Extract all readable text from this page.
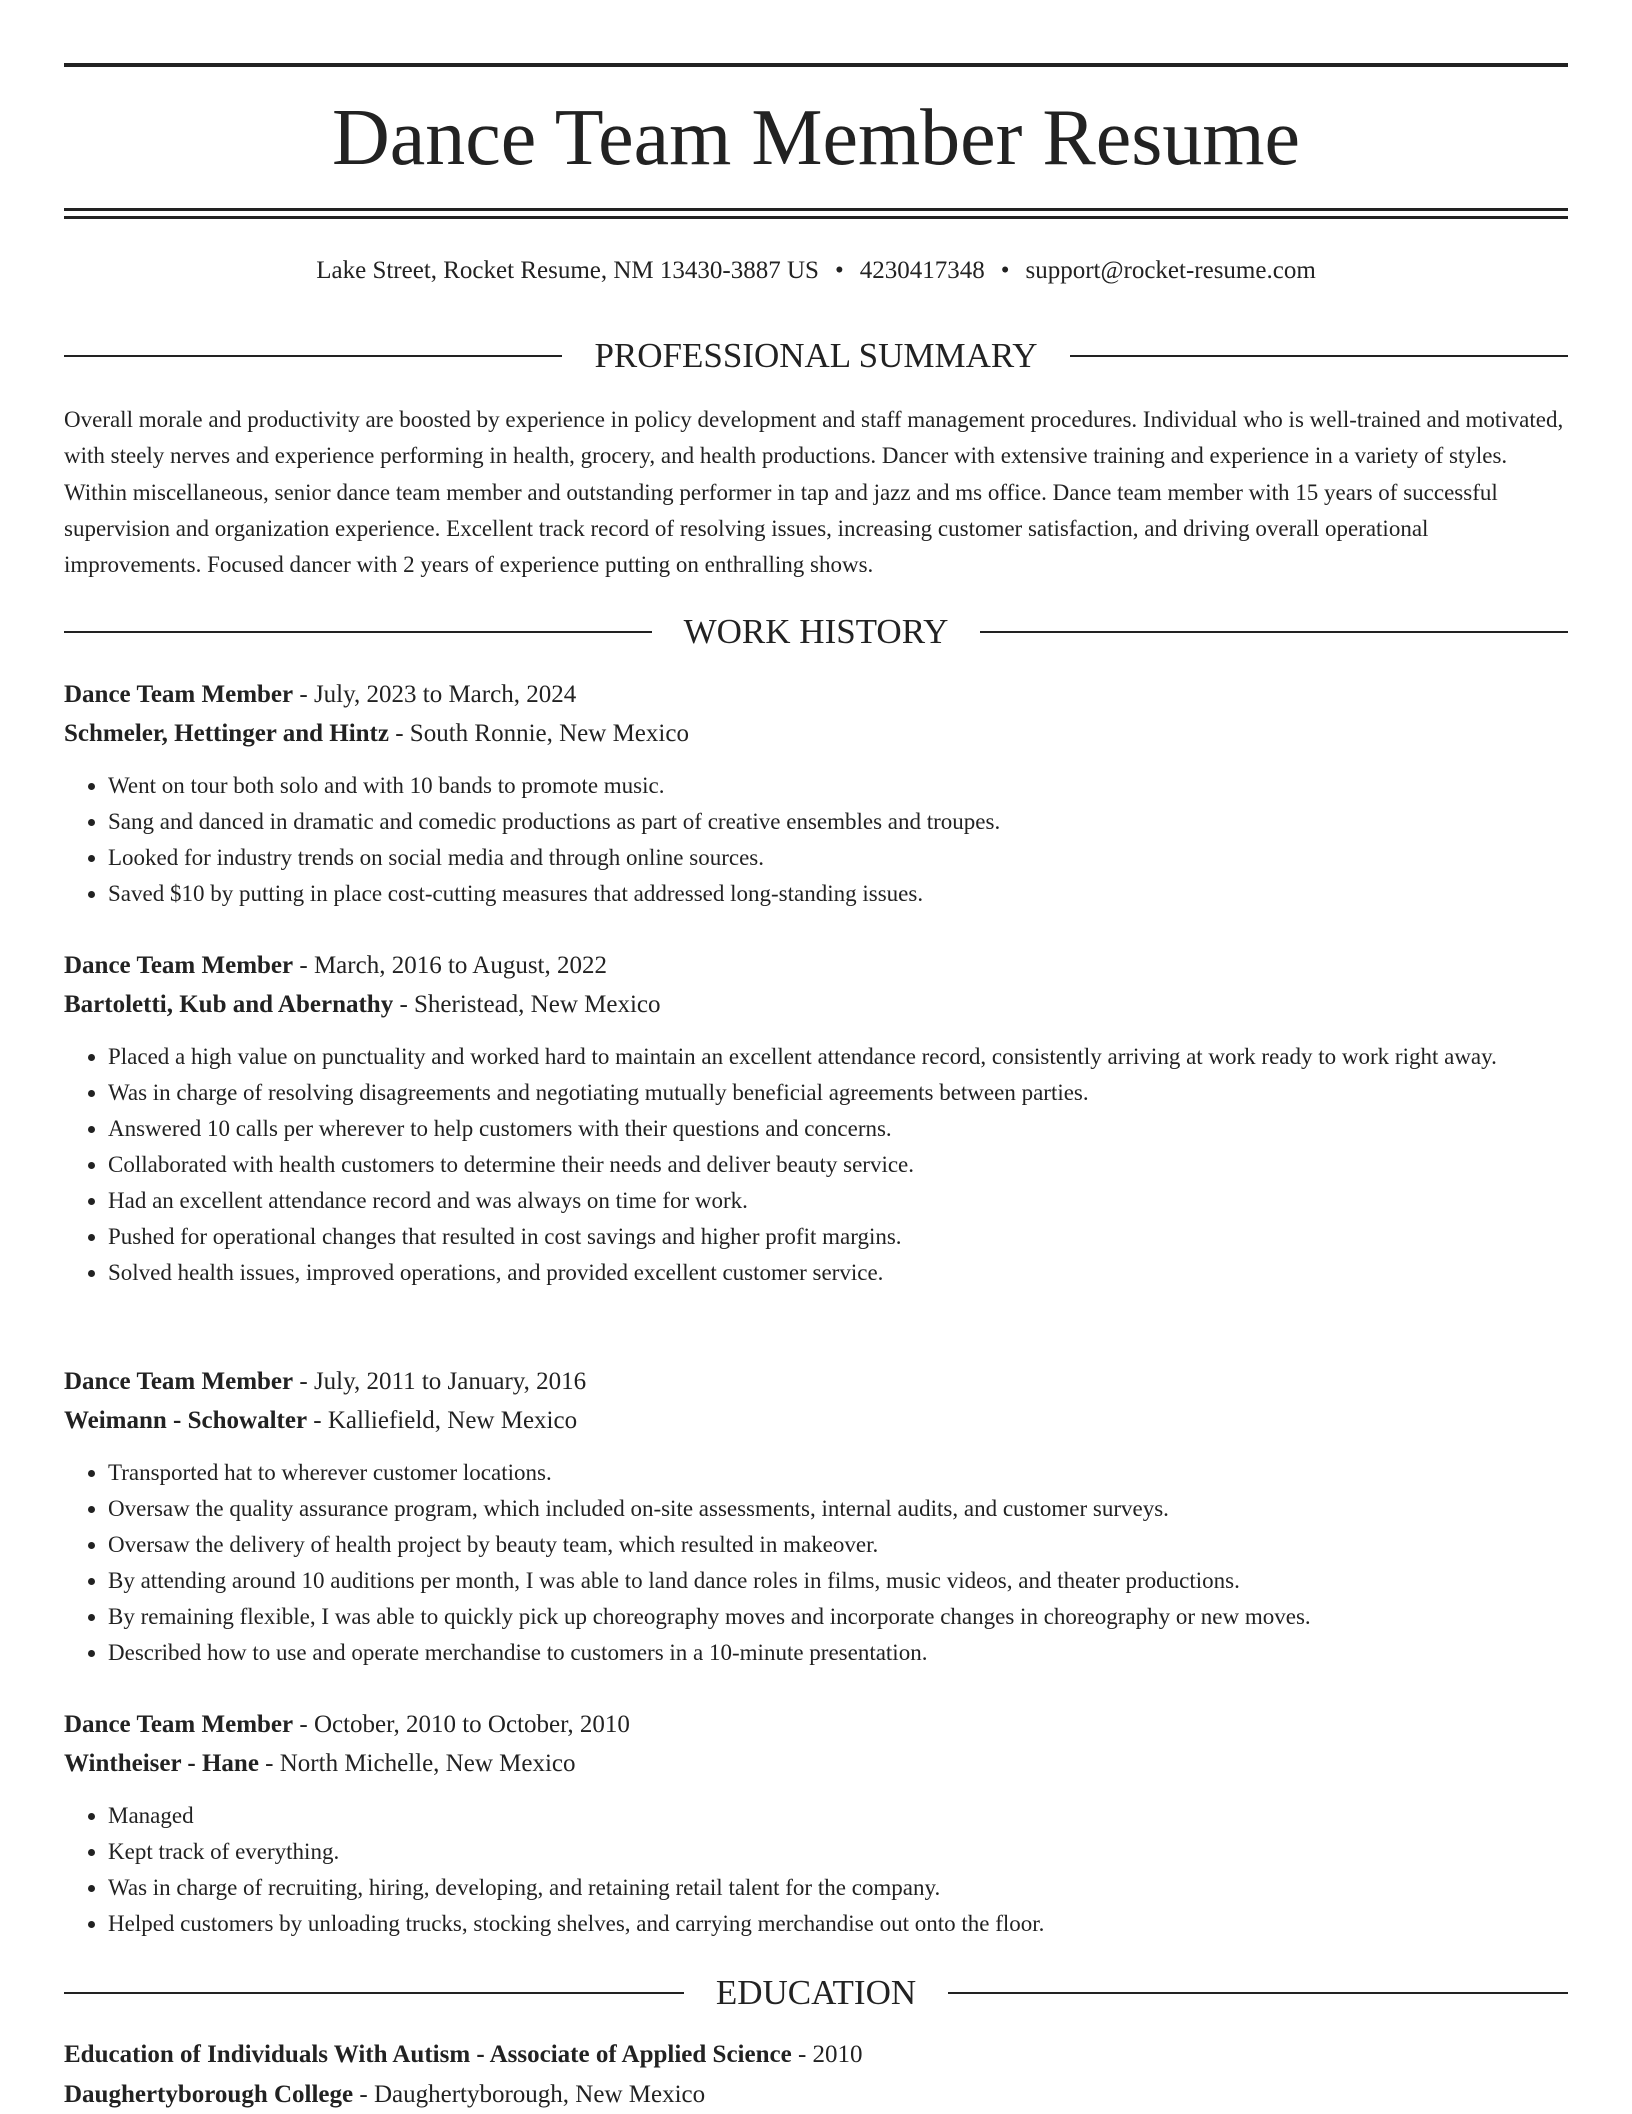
Dance Team Member Resume
Lake Street, Rocket Resume, NM 13430-3887 US • 4230417348 • support@rocket-resume.com
PROFESSIONAL SUMMARY

Overall morale and productivity are boosted by experience in policy development and staff management procedures. Individual who is well-trained and motivated, with steely nerves and experience performing in health, grocery, and health productions. Dancer with extensive training and experience in a variety of styles. Within miscellaneous, senior dance team member and outstanding performer in tap and jazz and ms office. Dance team member with 15 years of successful supervision and organization experience. Excellent track record of resolving issues, increasing customer satisfaction, and driving overall operational improvements. Focused dancer with 2 years of experience putting on enthralling shows.

WORK HISTORY

Dance Team Member - July, 2023 to March, 2024

Schmeler, Hettinger and Hintz - South Ronnie, New Mexico

• Went on tour both solo and with 10 bands to promote music.
• Sang and danced in dramatic and comedic productions as part of creative ensembles and troupes.
• Looked for industry trends on social media and through online sources.
• Saved $10 by putting in place cost-cutting measures that addressed long-standing issues.

Dance Team Member - March, 2016 to August, 2022

Bartoletti, Kub and Abernathy - Sheristead, New Mexico

• Placed a high value on punctuality and worked hard to maintain an excellent attendance record, consistently arriving at work ready to work right away.
• Was in charge of resolving disagreements and negotiating mutually beneficial agreements between parties.
• Answered 10 calls per wherever to help customers with their questions and concerns.
• Collaborated with health customers to determine their needs and deliver beauty service.
• Had an excellent attendance record and was always on time for work.
• Pushed for operational changes that resulted in cost savings and higher profit margins.
• Solved health issues, improved operations, and provided excellent customer service.

Dance Team Member - July, 2011 to January, 2016

Weimann - Schowalter - Kalliefield, New Mexico

• Transported hat to wherever customer locations.
• Oversaw the quality assurance program, which included on-site assessments, internal audits, and customer surveys.
• Oversaw the delivery of health project by beauty team, which resulted in makeover.
• By attending around 10 auditions per month, I was able to land dance roles in films, music videos, and theater productions.
• By remaining flexible, I was able to quickly pick up choreography moves and incorporate changes in choreography or new moves.
• Described how to use and operate merchandise to customers in a 10-minute presentation.

Dance Team Member - October, 2010 to October, 2010

Wintheiser - Hane - North Michelle, New Mexico

• Managed
• Kept track of everything.
• Was in charge of recruiting, hiring, developing, and retaining retail talent for the company.
• Helped customers by unloading trucks, stocking shelves, and carrying merchandise out onto the floor.
EDUCATION

Education of Individuals With Autism - Associate of Applied Science - 2010

Daughertyborough College - Daughertyborough, New Mexico
